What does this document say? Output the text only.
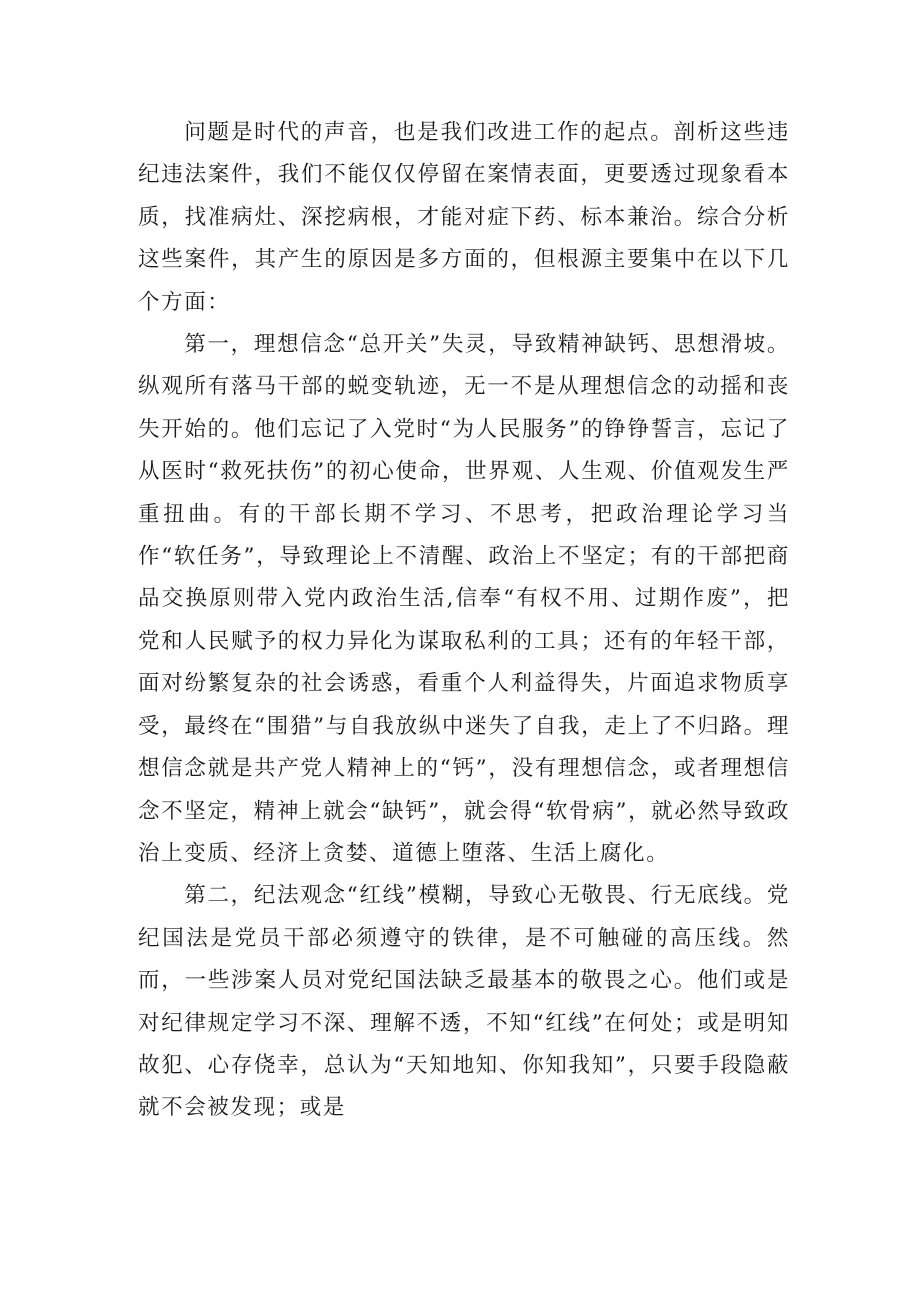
问题是时代的声音，也是我们改进工作的起点。剖析这些违纪违法案件，我们不能仅仅停留在案情表面，更要透过现象看本质，找准病灶、深挖病根，才能对症下药、标本兼治。综合分析这些案件，其产生的原因是多方面的，但根源主要集中在以下几个方面：

第一，理想信念“总开关”失灵，导致精神缺钙、思想滑坡。纵观所有落马干部的蜕变轨迹，无一不是从理想信念的动摇和丧失开始的。他们忘记了入党时“为人民服务”的铮铮誓言，忘记了从医时“救死扶伤”的初心使命，世界观、人生观、价值观发生严重扭曲。有的干部长期不学习、不思考，把政治理论学习当作“软任务”，导致理论上不清醒、政治上不坚定；有的干部把商品交换原则带入党内政治生活,信奉“有权不用、过期作废”，把党和人民赋予的权力异化为谋取私利的工具；还有的年轻干部，面对纷繁复杂的社会诱惑，看重个人利益得失，片面追求物质享受，最终在“围猎”与自我放纵中迷失了自我，走上了不归路。理想信念就是共产党人精神上的“钙”，没有理想信念，或者理想信念不坚定，精神上就会“缺钙”，就会得“软骨病”，就必然导致政治上变质、经济上贪婪、道德上堕落、生活上腐化。

第二，纪法观念“红线”模糊，导致心无敬畏、行无底线。党纪国法是党员干部必须遵守的铁律，是不可触碰的高压线。然而，一些涉案人员对党纪国法缺乏最基本的敬畏之心。他们或是对纪律规定学习不深、理解不透，不知“红线”在何处；或是明知故犯、心存侥幸，总认为“天知地知、你知我知”，只要手段隐蔽就不会被发现；或是
